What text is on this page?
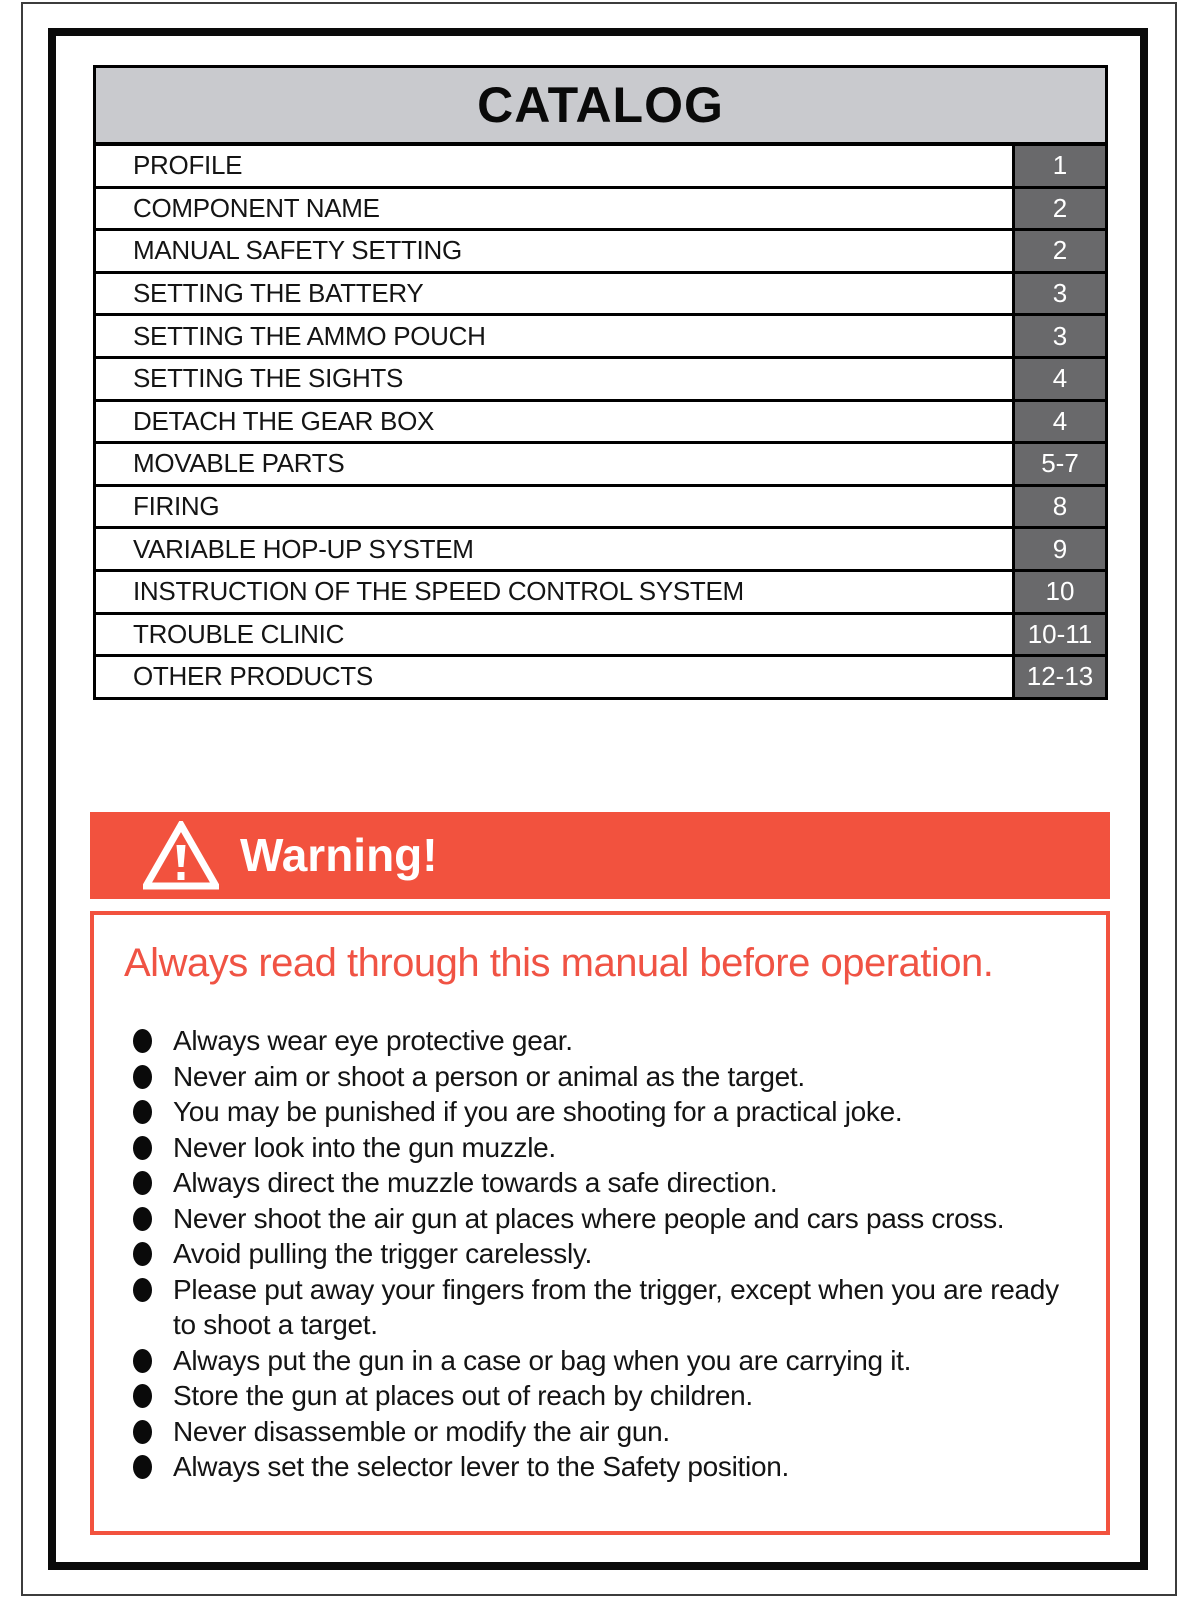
CATALOG
PROFILE	1
COMPONENT NAME	2
MANUAL SAFETY SETTING	2
SETTING THE BATTERY	3
SETTING THE AMMO POUCH	3
SETTING THE SIGHTS	4
DETACH THE GEAR BOX	4
MOVABLE PARTS	5-7
FIRING	8
VARIABLE HOP-UP SYSTEM	9
INSTRUCTION OF THE SPEED CONTROL SYSTEM	10
TROUBLE CLINIC	10-11
OTHER PRODUCTS	12-13
Warning!
Always read through this manual before operation.
Always wear eye protective gear.
Never aim or shoot a person or animal as the target.
You may be punished if you are shooting for a practical joke.
Never look into the gun muzzle.
Always direct the muzzle towards a safe direction.
Never shoot the air gun at places where people and cars pass cross.
Avoid pulling the trigger carelessly.
Please put away your fingers from the trigger, except when you are ready to shoot a target.
Always put the gun in a case or bag when you are carrying it.
Store the gun at places out of reach by children.
Never disassemble or modify the air gun.
Always set the selector lever to the Safety position.
